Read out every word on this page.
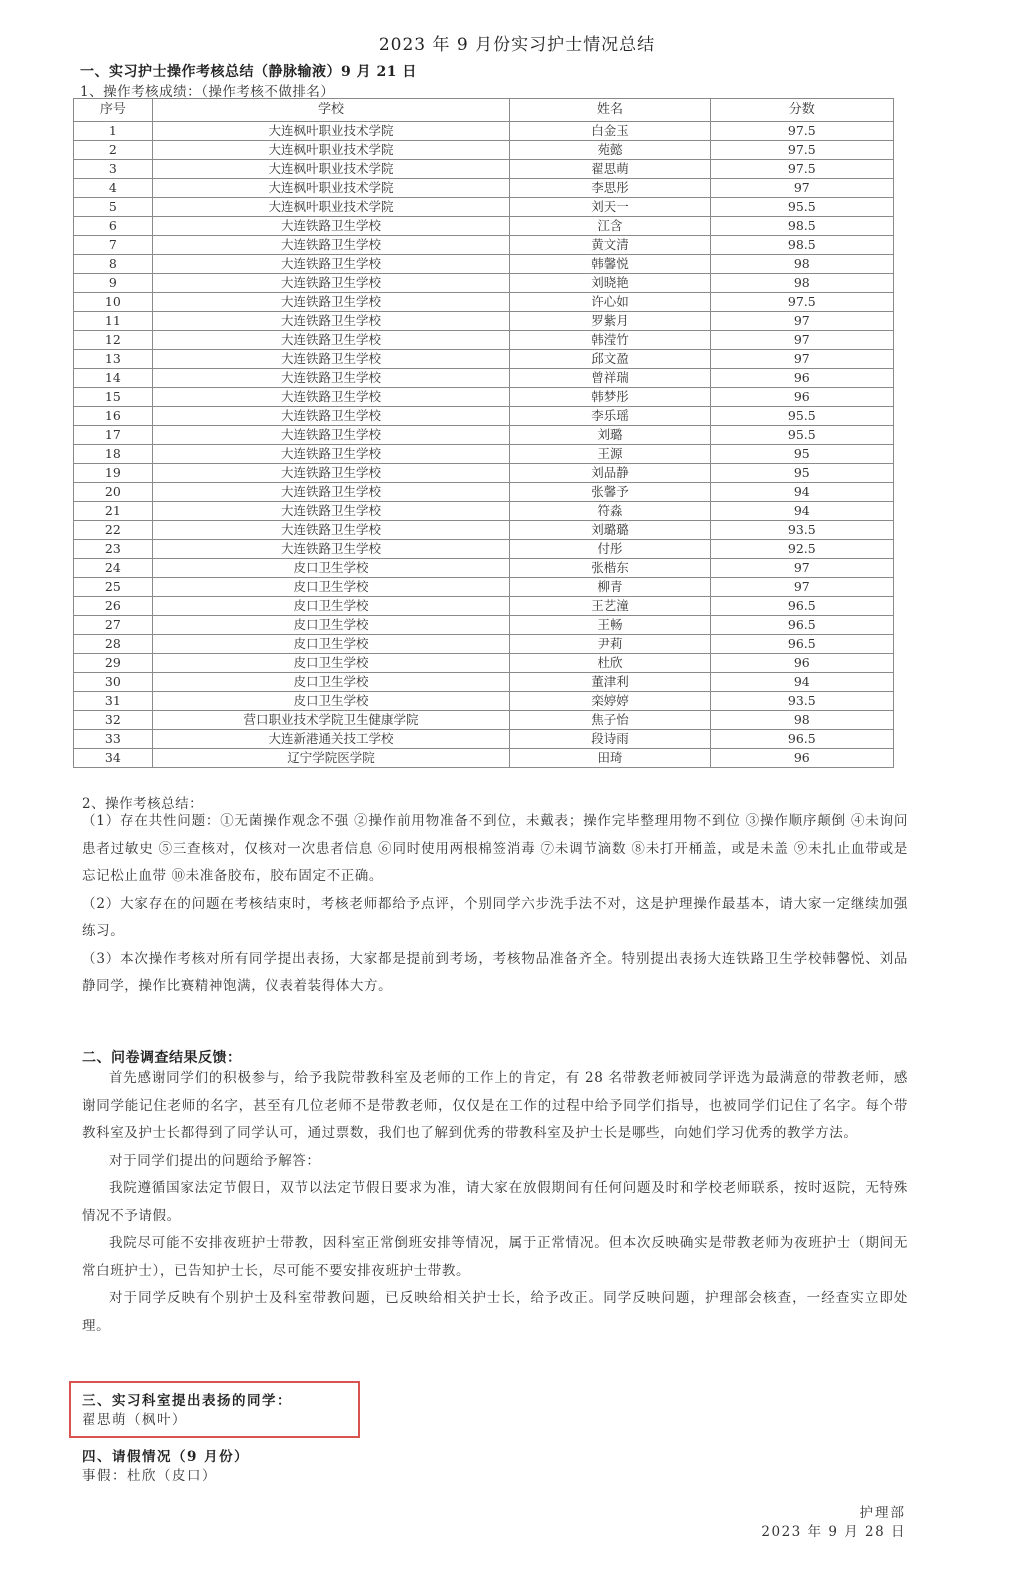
2023 年 9 月份实习护士情况总结
一、实习护士操作考核总结（静脉输液）9 月 21 日
1、操作考核成绩：（操作考核不做排名）
序号	学校	姓名	分数
1	大连枫叶职业技术学院	白金玉	97.5
2	大连枫叶职业技术学院	苑懿	97.5
3	大连枫叶职业技术学院	翟思萌	97.5
4	大连枫叶职业技术学院	李思彤	97
5	大连枫叶职业技术学院	刘天一	95.5
6	大连铁路卫生学校	江含	98.5
7	大连铁路卫生学校	黄文清	98.5
8	大连铁路卫生学校	韩馨悦	98
9	大连铁路卫生学校	刘晓艳	98
10	大连铁路卫生学校	许心如	97.5
11	大连铁路卫生学校	罗紫月	97
12	大连铁路卫生学校	韩滢竹	97
13	大连铁路卫生学校	邱文盈	97
14	大连铁路卫生学校	曾祥瑞	96
15	大连铁路卫生学校	韩梦彤	96
16	大连铁路卫生学校	李乐瑶	95.5
17	大连铁路卫生学校	刘璐	95.5
18	大连铁路卫生学校	王源	95
19	大连铁路卫生学校	刘品静	95
20	大连铁路卫生学校	张馨予	94
21	大连铁路卫生学校	符淼	94
22	大连铁路卫生学校	刘璐璐	93.5
23	大连铁路卫生学校	付彤	92.5
24	皮口卫生学校	张楷东	97
25	皮口卫生学校	柳青	97
26	皮口卫生学校	王艺潼	96.5
27	皮口卫生学校	王畅	96.5
28	皮口卫生学校	尹莉	96.5
29	皮口卫生学校	杜欣	96
30	皮口卫生学校	董津利	94
31	皮口卫生学校	栾婷婷	93.5
32	营口职业技术学院卫生健康学院	焦子怡	98
33	大连新港通关技工学校	段诗雨	96.5
34	辽宁学院医学院	田琦	96
2、操作考核总结：

（1）存在共性问题：①无菌操作观念不强 ②操作前用物准备不到位，未戴表；操作完毕整理用物不到位 ③操作顺序颠倒 ④未询问患者过敏史 ⑤三查核对，仅核对一次患者信息 ⑥同时使用两根棉签消毒 ⑦未调节滴数 ⑧未打开桶盖，或是未盖 ⑨未扎止血带或是忘记松止血带 ⑩未准备胶布，胶布固定不正确。

（2）大家存在的问题在考核结束时，考核老师都给予点评，个别同学六步洗手法不对，这是护理操作最基本，请大家一定继续加强练习。

（3）本次操作考核对所有同学提出表扬，大家都是提前到考场，考核物品准备齐全。特别提出表扬大连铁路卫生学校韩馨悦、刘品静同学，操作比赛精神饱满，仪表着装得体大方。

二、问卷调查结果反馈：

首先感谢同学们的积极参与，给予我院带教科室及老师的工作上的肯定，有 28 名带教老师被同学评选为最满意的带教老师，感谢同学能记住老师的名字，甚至有几位老师不是带教老师，仅仅是在工作的过程中给予同学们指导，也被同学们记住了名字。每个带教科室及护士长都得到了同学认可，通过票数，我们也了解到优秀的带教科室及护士长是哪些，向她们学习优秀的教学方法。

对于同学们提出的问题给予解答：

我院遵循国家法定节假日，双节以法定节假日要求为准，请大家在放假期间有任何问题及时和学校老师联系，按时返院，无特殊情况不予请假。

我院尽可能不安排夜班护士带教，因科室正常倒班安排等情况，属于正常情况。但本次反映确实是带教老师为夜班护士（期间无常白班护士），已告知护士长，尽可能不要安排夜班护士带教。

对于同学反映有个别护士及科室带教问题，已反映给相关护士长，给予改正。同学反映问题，护理部会核查，一经查实立即处理。

三、实习科室提出表扬的同学：
翟思萌（枫叶）
四、请假情况（9 月份）
事假：杜欣（皮口）
护理部
2023 年 9 月 28 日
